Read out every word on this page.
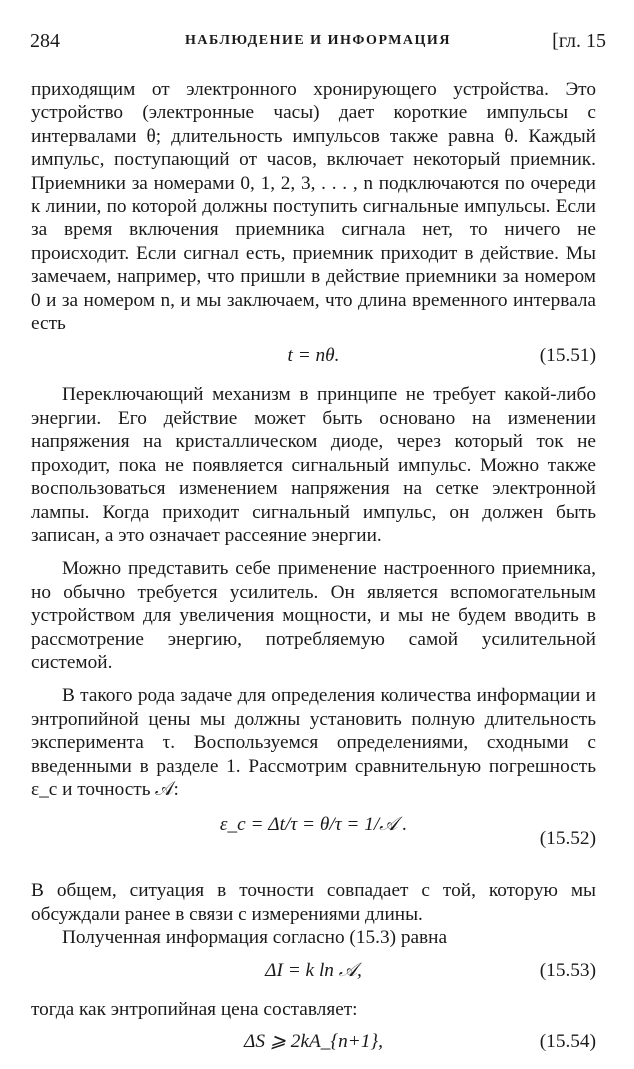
284	НАБЛЮДЕНИЕ И ИНФОРМАЦИЯ	[гл. 15

приходящим от электронного хронирующего устройства. Это устройство (электронные часы) дает короткие импульсы с интервалами θ; длительность импульсов также равна θ. Каждый импульс, поступающий от часов, включает некоторый приемник. Приемники за номерами 0, 1, 2, 3, . . . , n подключаются по очереди к линии, по которой должны поступить сигнальные импульсы. Если за время включения приемника сигнала нет, то ничего не происходит. Если сигнал есть, приемник приходит в действие. Мы замечаем, например, что пришли в действие приемники за номером 0 и за номером n, и мы заключаем, что длина временного интервала есть

t = nθ.	(15.51)

Переключающий механизм в принципе не требует какой-либо энергии. Его действие может быть основано на изменении напряжения на кристаллическом диоде, через который ток не проходит, пока не появляется сигнальный импульс. Можно также воспользоваться изменением напряжения на сетке электронной лампы. Когда приходит сигнальный импульс, он должен быть записан, а это означает рассеяние энергии.

Можно представить себе применение настроенного приемника, но обычно требуется усилитель. Он является вспомогательным устройством для увеличения мощности, и мы не будем вводить в рассмотрение энергию, потребляемую самой усилительной системой.

В такого рода задаче для определения количества информации и энтропийной цены мы должны установить полную длительность эксперимента τ. Воспользуемся определениями, сходными с введенными в разделе 1. Рассмотрим сравнительную погрешность ε_c и точность 𝒜:

ε_c = Δt/τ = θ/τ = 1/𝒜 .
(15.52)

В общем, ситуация в точности совпадает с той, которую мы обсуждали ранее в связи с измерениями длины.

Полученная информация согласно (15.3) равна

ΔI = k ln 𝒜,	(15.53)

тогда как энтропийная цена составляет:

ΔS ⩾ 2kA_{n+1},	(15.54)
